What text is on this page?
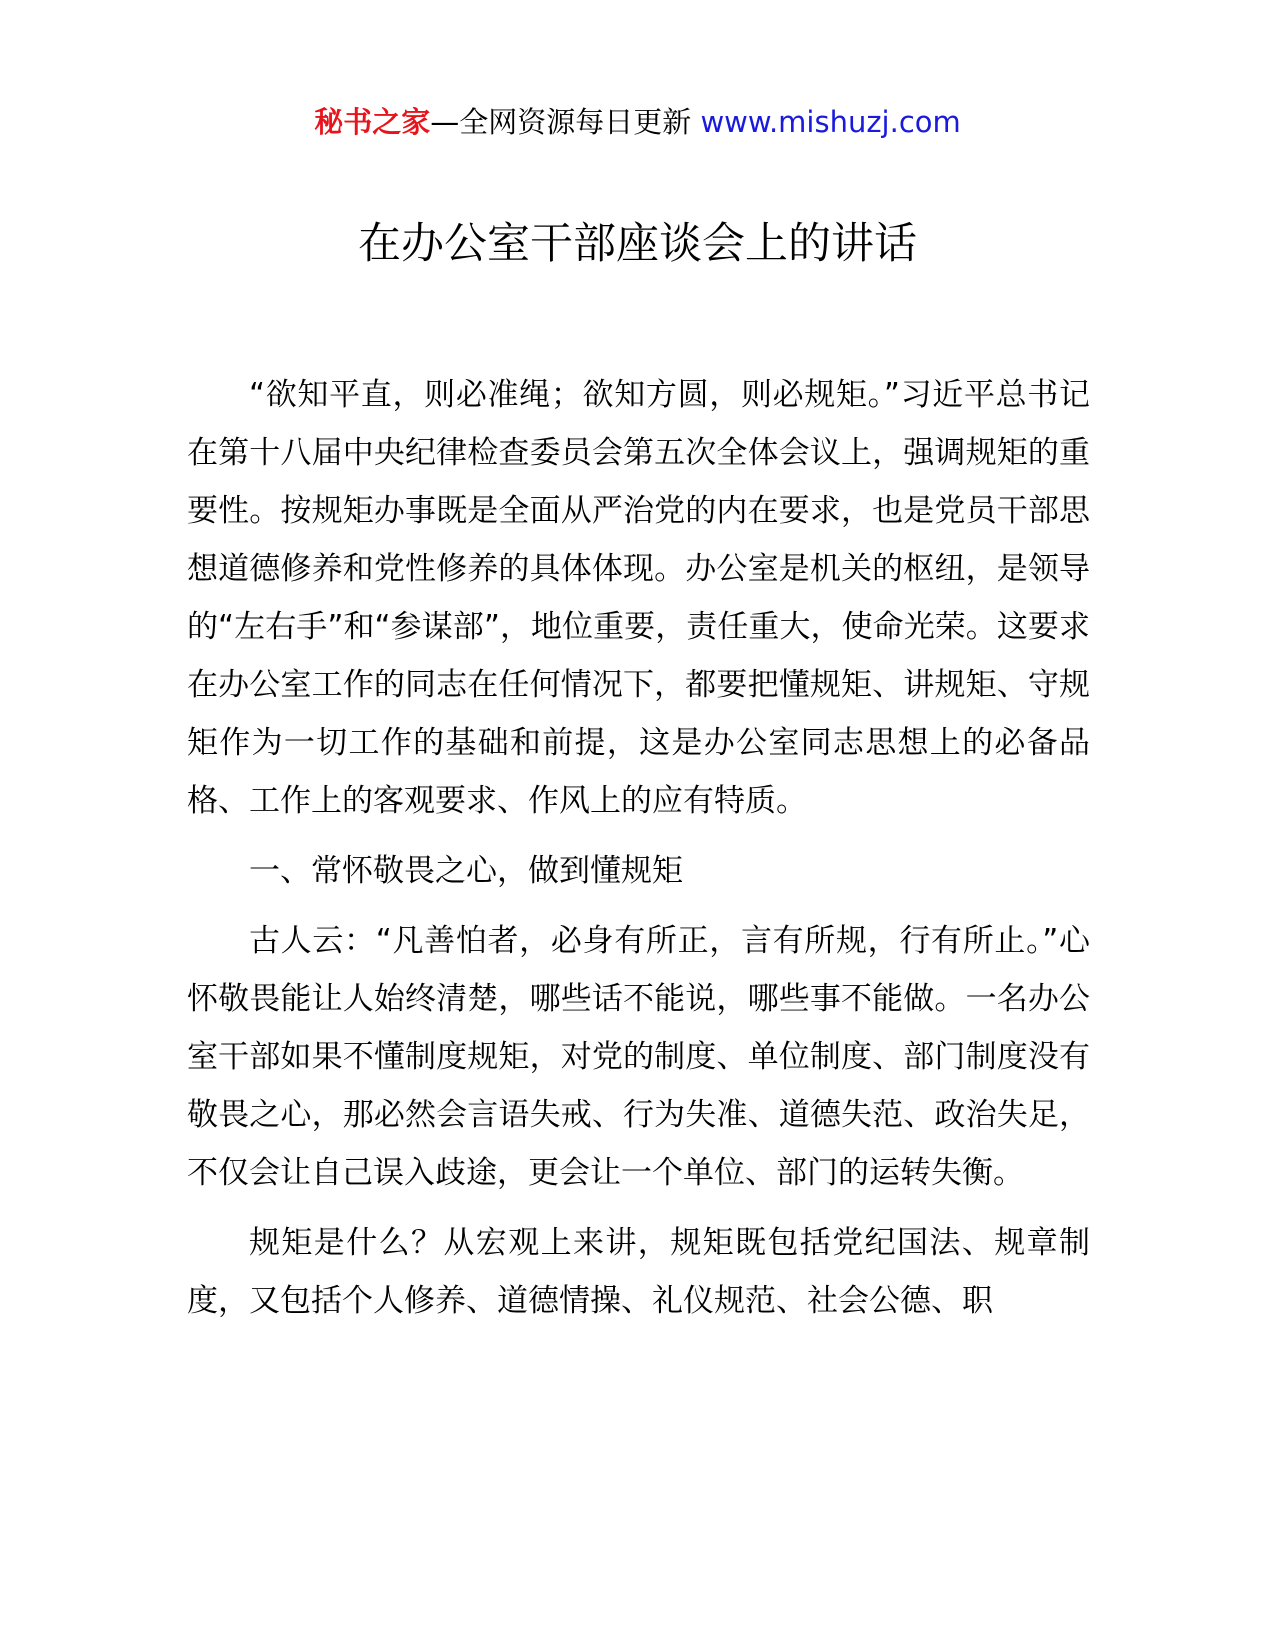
秘书之家—全网资源每日更新 www.mishuzj.com
在办公室干部座谈会上的讲话

“欲知平直，则必准绳；欲知方圆，则必规矩。”习近平总书记在第十八届中央纪律检查委员会第五次全体会议上，强调规矩的重要性。按规矩办事既是全面从严治党的内在要求，也是党员干部思想道德修养和党性修养的具体体现。办公室是机关的枢纽，是领导的“左右手”和“参谋部”，地位重要，责任重大，使命光荣。这要求在办公室工作的同志在任何情况下，都要把懂规矩、讲规矩、守规矩作为一切工作的基础和前提，这是办公室同志思想上的必备品格、工作上的客观要求、作风上的应有特质。

一、常怀敬畏之心，做到懂规矩

古人云：“凡善怕者，必身有所正，言有所规，行有所止。”心怀敬畏能让人始终清楚，哪些话不能说，哪些事不能做。一名办公室干部如果不懂制度规矩，对党的制度、单位制度、部门制度没有敬畏之心，那必然会言语失戒、行为失准、道德失范、政治失足，不仅会让自己误入歧途，更会让一个单位、部门的运转失衡。

规矩是什么？从宏观上来讲，规矩既包括党纪国法、规章制度，又包括个人修养、道德情操、礼仪规范、社会公德、职
